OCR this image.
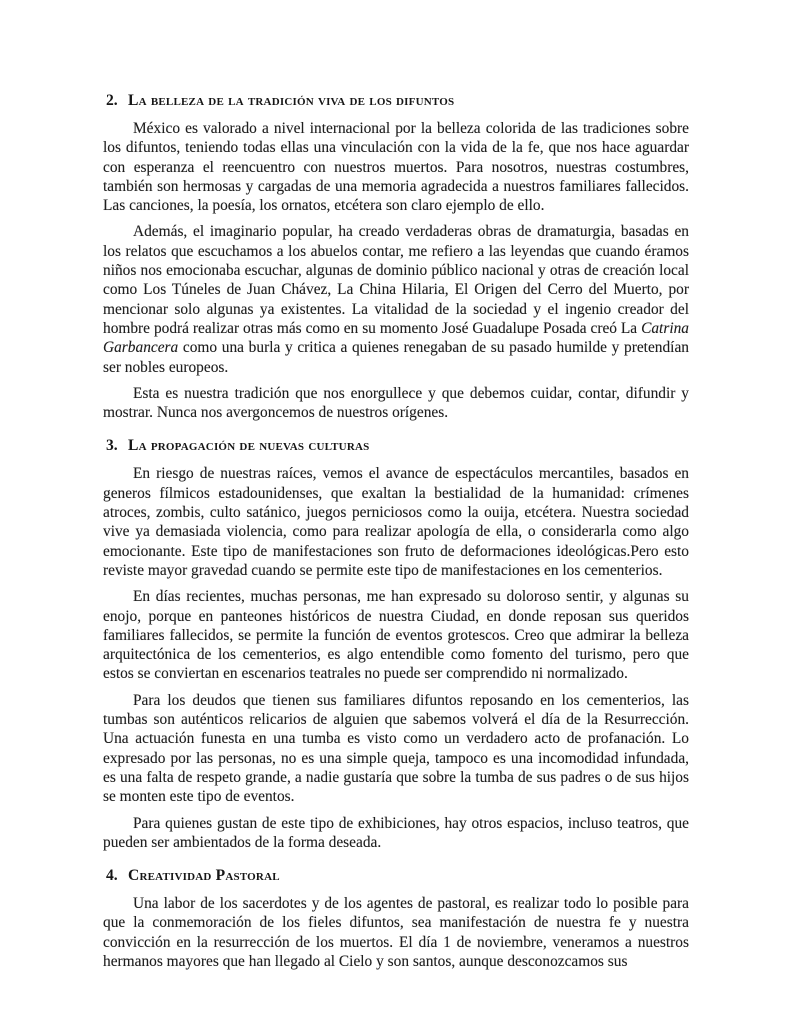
2. La belleza de la tradición viva de los difuntos

México es valorado a nivel internacional por la belleza colorida de las tradiciones sobre los difuntos, teniendo todas ellas una vinculación con la vida de la fe, que nos hace aguardar con esperanza el reencuentro con nuestros muertos. Para nosotros, nuestras costumbres, también son hermosas y cargadas de una memoria agradecida a nuestros familiares fallecidos. Las canciones, la poesía, los ornatos, etcétera son claro ejemplo de ello.

Además, el imaginario popular, ha creado verdaderas obras de dramaturgia, basadas en los relatos que escuchamos a los abuelos contar, me refiero a las leyendas que cuando éramos niños nos emocionaba escuchar, algunas de dominio público nacional y otras de creación local como Los Túneles de Juan Chávez, La China Hilaria, El Origen del Cerro del Muerto, por mencionar solo algunas ya existentes. La vitalidad de la sociedad y el ingenio creador del hombre podrá realizar otras más como en su momento José Guadalupe Posada creó La Catrina Garbancera como una burla y critica a quienes renegaban de su pasado humilde y pretendían ser nobles europeos.

Esta es nuestra tradición que nos enorgullece y que debemos cuidar, contar, difundir y mostrar. Nunca nos avergoncemos de nuestros orígenes.

3. La propagación de nuevas culturas

En riesgo de nuestras raíces, vemos el avance de espectáculos mercantiles, basados en generos fílmicos estadounidenses, que exaltan la bestialidad de la humanidad: crímenes atroces, zombis, culto satánico, juegos perniciosos como la ouija, etcétera. Nuestra sociedad vive ya demasiada violencia, como para realizar apología de ella, o considerarla como algo emocionante. Este tipo de manifestaciones son fruto de deformaciones ideológicas.Pero esto reviste mayor gravedad cuando se permite este tipo de manifestaciones en los cementerios.

En días recientes, muchas personas, me han expresado su doloroso sentir, y algunas su enojo, porque en panteones históricos de nuestra Ciudad, en donde reposan sus queridos familiares fallecidos, se permite la función de eventos grotescos. Creo que admirar la belleza arquitectónica de los cementerios, es algo entendible como fomento del turismo, pero que estos se conviertan en escenarios teatrales no puede ser comprendido ni normalizado.

Para los deudos que tienen sus familiares difuntos reposando en los cementerios, las tumbas son auténticos relicarios de alguien que sabemos volverá el día de la Resurrección. Una actuación funesta en una tumba es visto como un verdadero acto de profanación. Lo expresado por las personas, no es una simple queja, tampoco es una incomodidad infundada, es una falta de respeto grande, a nadie gustaría que sobre la tumba de sus padres o de sus hijos se monten este tipo de eventos.

Para quienes gustan de este tipo de exhibiciones, hay otros espacios, incluso teatros, que pueden ser ambientados de la forma deseada.

4. Creatividad Pastoral

Una labor de los sacerdotes y de los agentes de pastoral, es realizar todo lo posible para que la conmemoración de los fieles difuntos, sea manifestación de nuestra fe y nuestra convicción en la resurrección de los muertos. El día 1 de noviembre, veneramos a nuestros hermanos mayores que han llegado al Cielo y son santos, aunque desconozcamos sus
